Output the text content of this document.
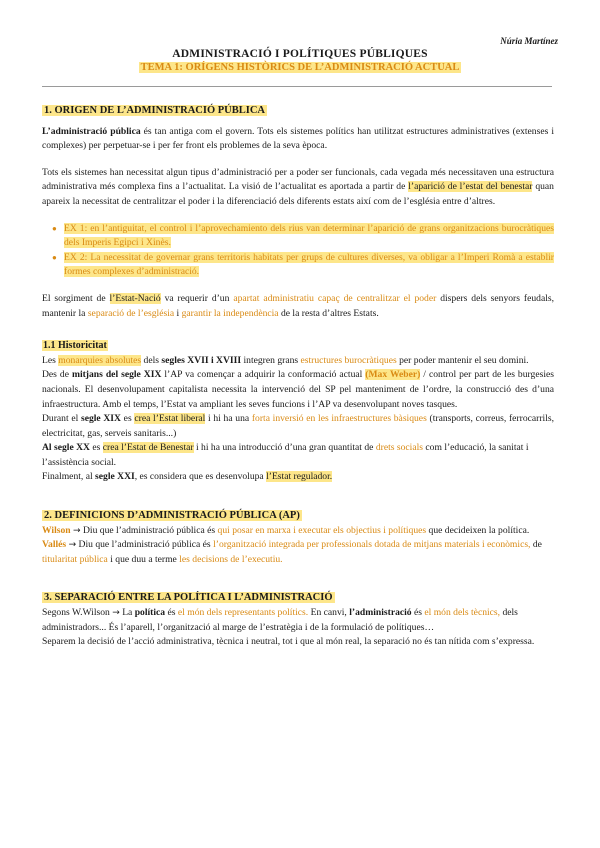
Núria Martínez
ADMINISTRACIÓ I POLÍTIQUES PÚBLIQUES
TEMA 1: ORÍGENS HISTÒRICS DE L’ADMINISTRACIÓ ACTUAL

1. ORIGEN DE L’ADMINISTRACIÓ PÚBLICA

L’administració pública és tan antiga com el govern. Tots els sistemes polítics han utilitzat estructures administratives (extenses i complexes) per perpetuar-se i per fer front els problemes de la seva època.

Tots els sistemes han necessitat algun tipus d’administració per a poder ser funcionals, cada vegada més necessitaven una estructura administrativa més complexa fins a l’actualitat. La visió de l’actualitat es aportada a partir de l’aparició de l’estat del benestar quan apareix la necessitat de centralitzar el poder i la diferenciació dels diferents estats així com de l’església entre d’altres.

● EX 1: en l’antiguitat, el control i l’aprovechamiento dels rius van determinar l’aparició de grans organitzacions burocràtiques dels Imperis Egipci i Xinès.
● EX 2: La necessitat de governar grans territoris habitats per grups de cultures diverses, va obligar a l’Imperi Romà a establir formes complexes d’administració.

El sorgiment de l’Estat-Nació va requerir d’un apartat administratiu capaç de centralitzar el poder dispers dels senyors feudals, mantenir la separació de l’església i garantir la independència de la resta d’altres Estats.

1.1 Historicitat

Les monarquies absolutes dels segles XVII i XVIII integren grans estructures burocràtiques per poder mantenir el seu domini.

Des de mitjans del segle XIX l’AP va començar a adquirir la conformació actual (Max Weber) / control per part de les burgesies nacionals. El desenvolupament capitalista necessita la intervenció del SP pel manteniment de l’ordre, la construcció des d’una infraestructura. Amb el temps, l’Estat va ampliant les seves funcions i l’AP va desenvolupant noves tasques.

Durant el segle XIX es crea l’Estat liberal i hi ha una forta inversió en les infraestructures bàsiques (transports, correus, ferrocarrils, electricitat, gas, serveis sanitaris...)

Al segle XX es crea l’Estat de Benestar i hi ha una introducció d’una gran quantitat de drets socials com l’educació, la sanitat i l’assistència social.

Finalment, al segle XXI, es considera que es desenvolupa l’Estat regulador.

2. DEFINICIONS D’ADMINISTRACIÓ PÚBLICA (AP)

Wilson → Diu que l’administració pública és qui posar en marxa i executar els objectius i polítiques que decideixen la política.

Vallés → Diu que l’administració pública és l’organització integrada per professionals dotada de mitjans materials i econòmics, de titularitat pública i que duu a terme les decisions de l’executiu.

3. SEPARACIÓ ENTRE LA POLÍTICA I L’ADMINISTRACIÓ

Segons W.Wilson → La política és el món dels representants polítics. En canvi, l’administració és el món dels tècnics, dels administradors... És l’aparell, l’organització al marge de l’estratègia i de la formulació de polítiques…

Separem la decisió de l’acció administrativa, tècnica i neutral, tot i que al món real, la separació no és tan nítida com s’expressa.
